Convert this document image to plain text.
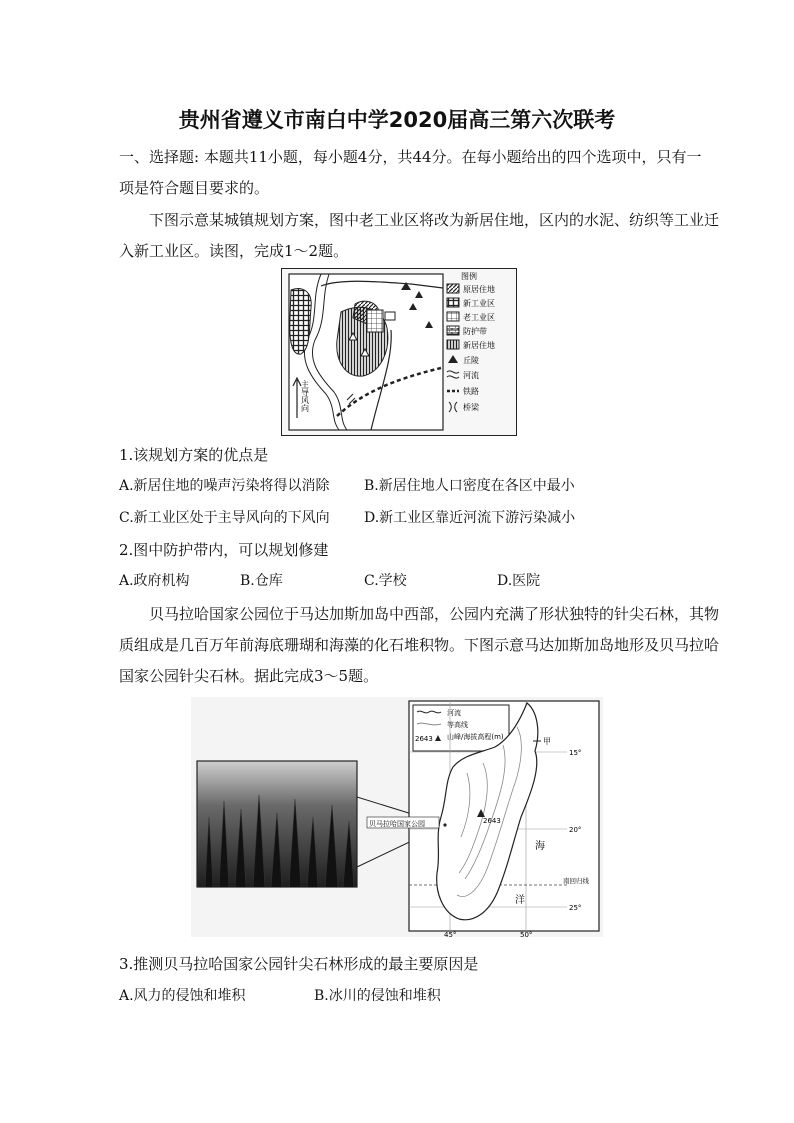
贵州省遵义市南白中学2020届高三第六次联考
一、选择题: 本题共11小题，每小题4分，共44分。在每小题给出的四个选项中，只有一
项是符合题目要求的。
下图示意某城镇规划方案，图中老工业区将改为新居住地，区内的水泥、纺织等工业迁
入新工业区。读图，完成1～2题。
主导风向
图例
原居住地
新工业区
老工业区
防护带
新居住地
丘陵
河流
铁路
桥梁
1.该规划方案的优点是
A.新居住地的噪声污染将得以消除 B.新居住地人口密度在各区中最小
C.新工业区处于主导风向的下风向 D.新工业区靠近河流下游污染减小
2.图中防护带内，可以规划修建
A.政府机构	B.仓库	C.学校	D.医院
贝马拉哈国家公园位于马达加斯加岛中西部，公园内充满了形状独特的针尖石林，其物
质组成是几百万年前海底珊瑚和海藻的化石堆积物。下图示意马达加斯加岛地形及贝马拉哈
国家公园针尖石林。据此完成3～5题。
河流
等高线
2643 山峰/海拔高程(m)
2643
贝马拉哈国家公园
甲
海
洋
南回归线
15°
20°
25°
45°	50°
3.推测贝马拉哈国家公园针尖石林形成的最主要原因是
A.风力的侵蚀和堆积	B.冰川的侵蚀和堆积
